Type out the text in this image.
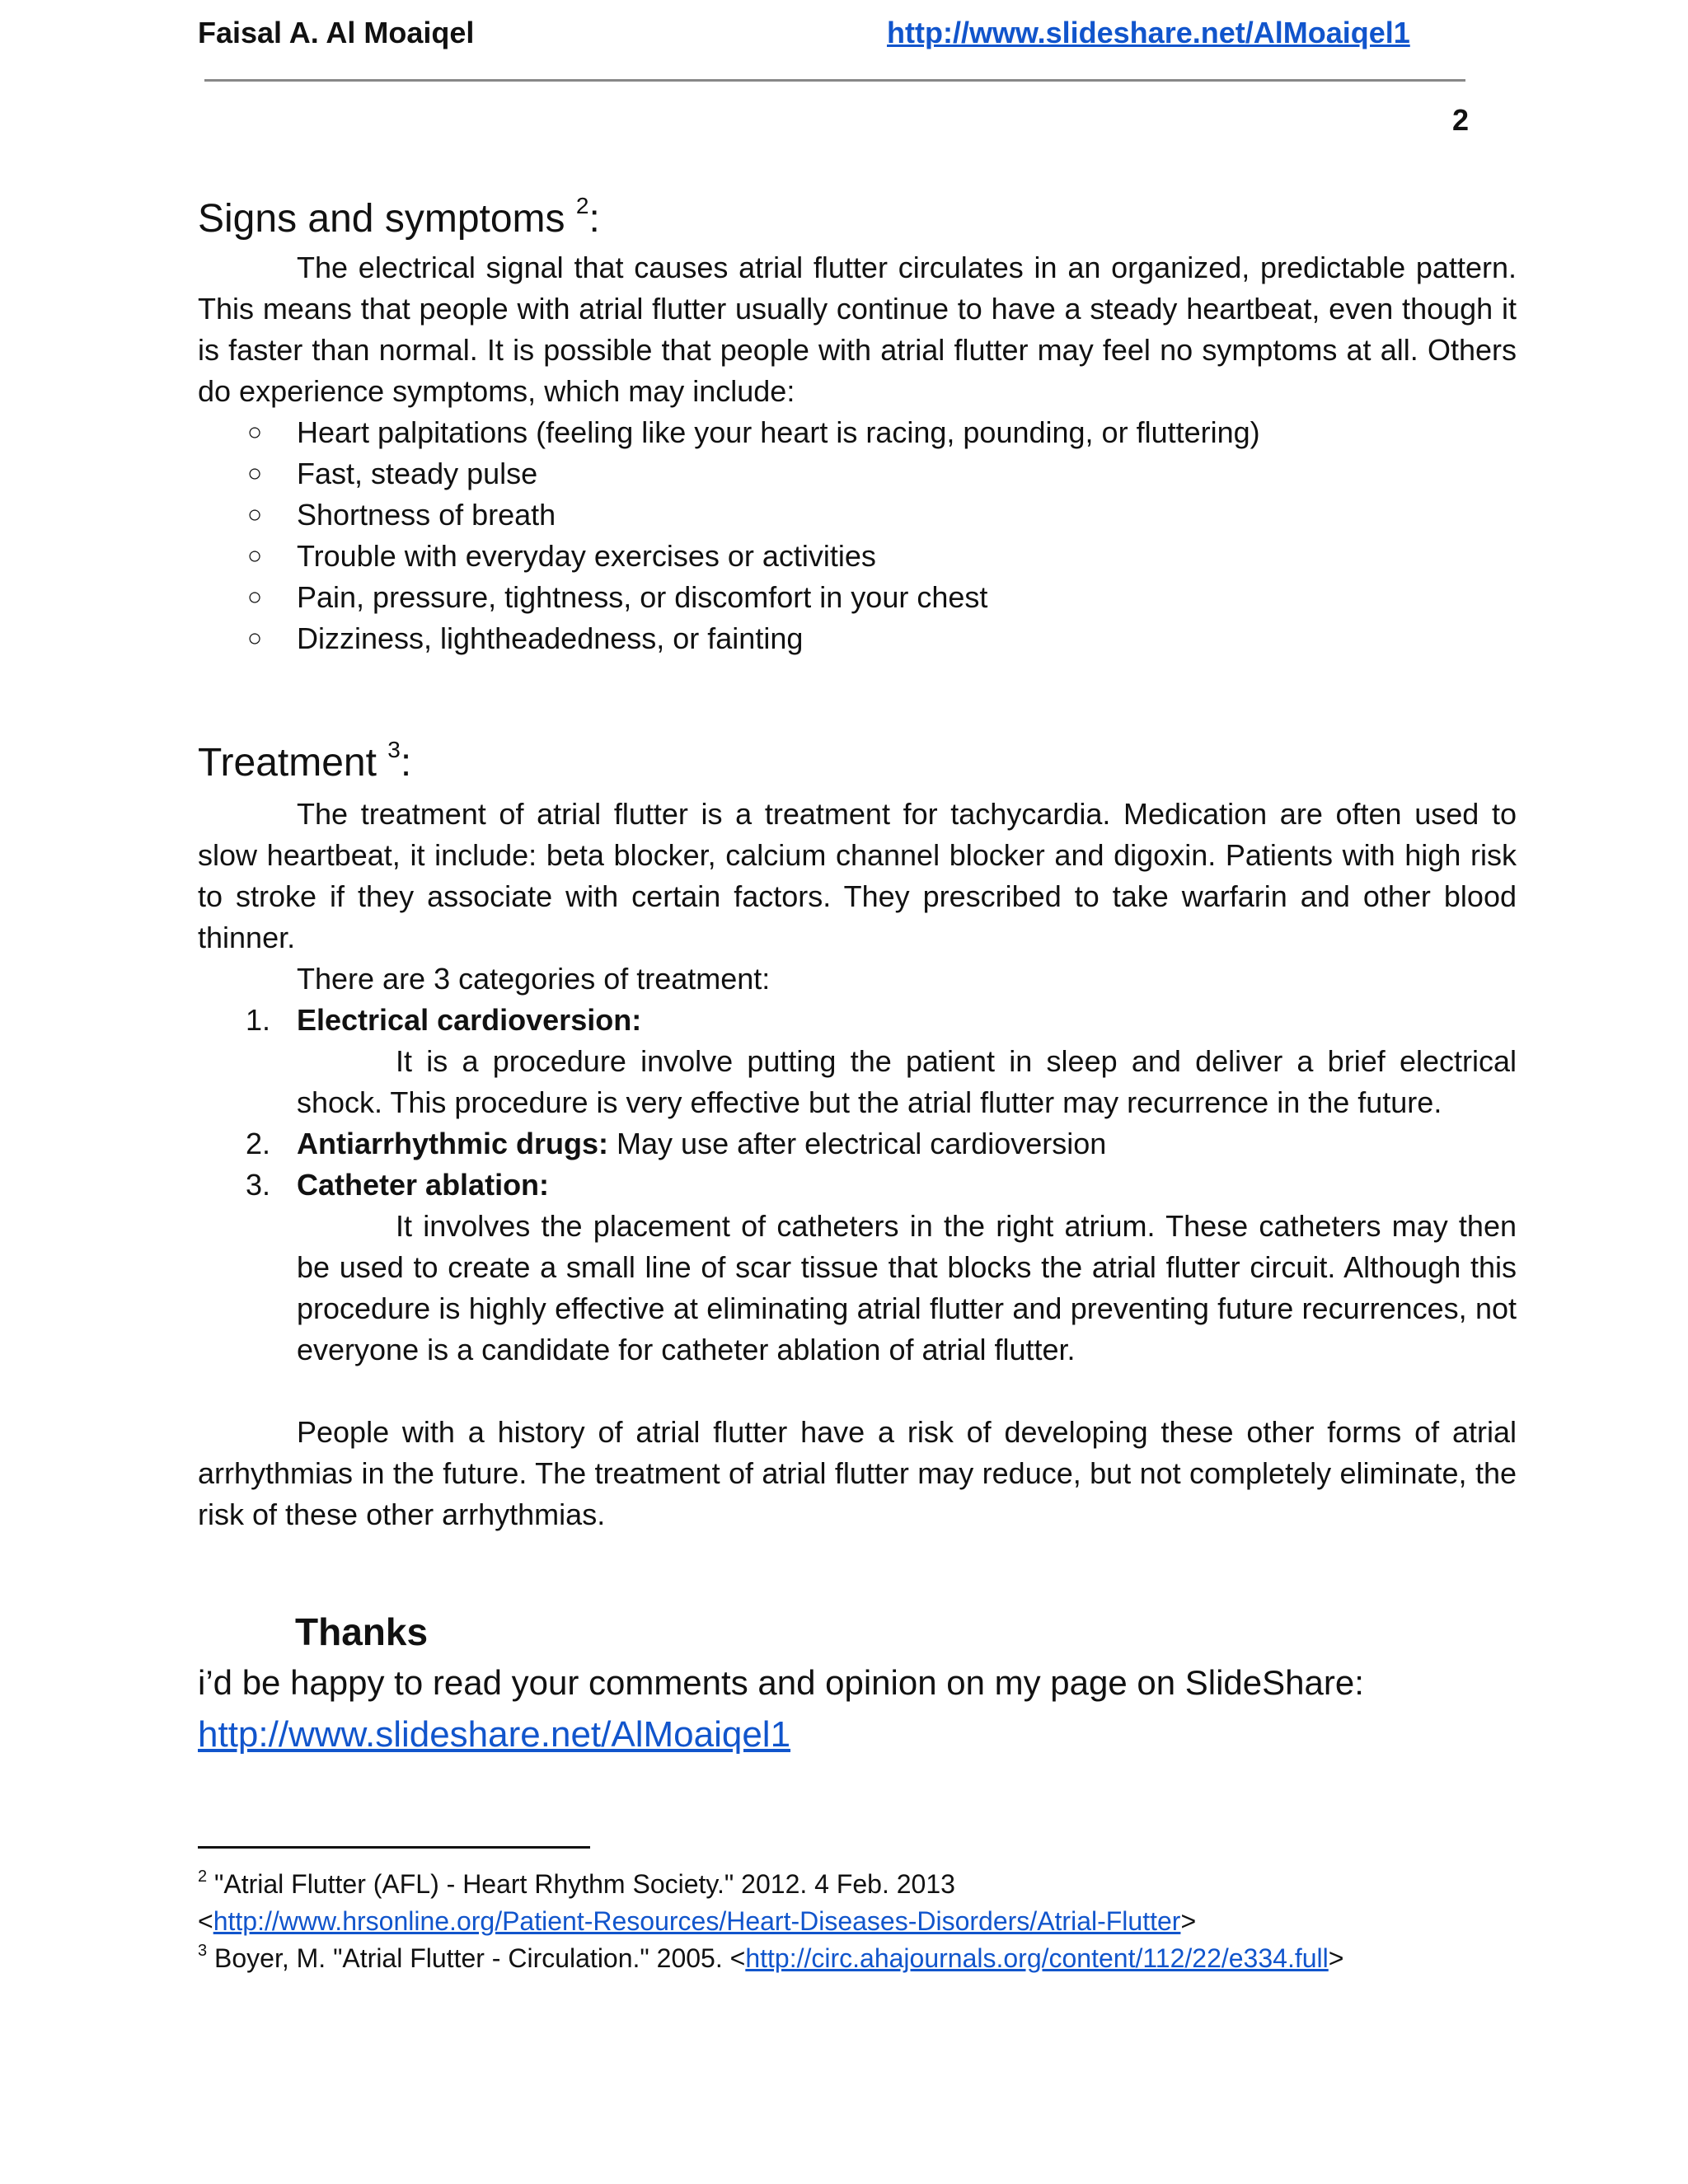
Faisal A. Al Moaiqel	http://www.slideshare.net/AlMoaiqel1
2
Signs and symptoms $^2$:

The electrical signal that causes atrial flutter circulates in an organized, predictable pattern. This means that people with atrial flutter usually continue to have a steady heartbeat, even though it is faster than normal. It is possible that people with atrial flutter may feel no symptoms at all. Others do experience symptoms, which may include:

○ Heart palpitations (feeling like your heart is racing, pounding, or fluttering)
○ Fast, steady pulse
○ Shortness of breath
○ Trouble with everyday exercises or activities
○ Pain, pressure, tightness, or discomfort in your chest
○ Dizziness, lightheadedness, or fainting
Treatment $^3$:

The treatment of atrial flutter is a treatment for tachycardia. Medication are often used to slow heartbeat, it include: beta blocker, calcium channel blocker and digoxin. Patients with high risk to stroke if they associate with certain factors. They prescribed to take warfarin and other blood thinner.

There are 3 categories of treatment:

1. Electrical cardioversion:

It is a procedure involve putting the patient in sleep and deliver a brief electrical shock. This procedure is very effective but the atrial flutter may recurrence in the future.

2. Antiarrhythmic drugs: May use after electrical cardioversion
3. Catheter ablation:

It involves the placement of catheters in the right atrium. These catheters may then be used to create a small line of scar tissue that blocks the atrial flutter circuit. Although this procedure is highly effective at eliminating atrial flutter and preventing future recurrences, not everyone is a candidate for catheter ablation of atrial flutter.

People with a history of atrial flutter have a risk of developing these other forms of atrial arrhythmias in the future. The treatment of atrial flutter may reduce, but not completely eliminate, the risk of these other arrhythmias.

Thanks
i’d be happy to read your comments and opinion on my page on SlideShare:
http://www.slideshare.net/AlMoaiqel1

$^2$ "Atrial Flutter (AFL) - Heart Rhythm Society." 2012. 4 Feb. 2013

<http://www.hrsonline.org/Patient-Resources/Heart-Diseases-Disorders/Atrial-Flutter>

$^3$ Boyer, M. "Atrial Flutter - Circulation." 2005. <http://circ.ahajournals.org/content/112/22/e334.full>
